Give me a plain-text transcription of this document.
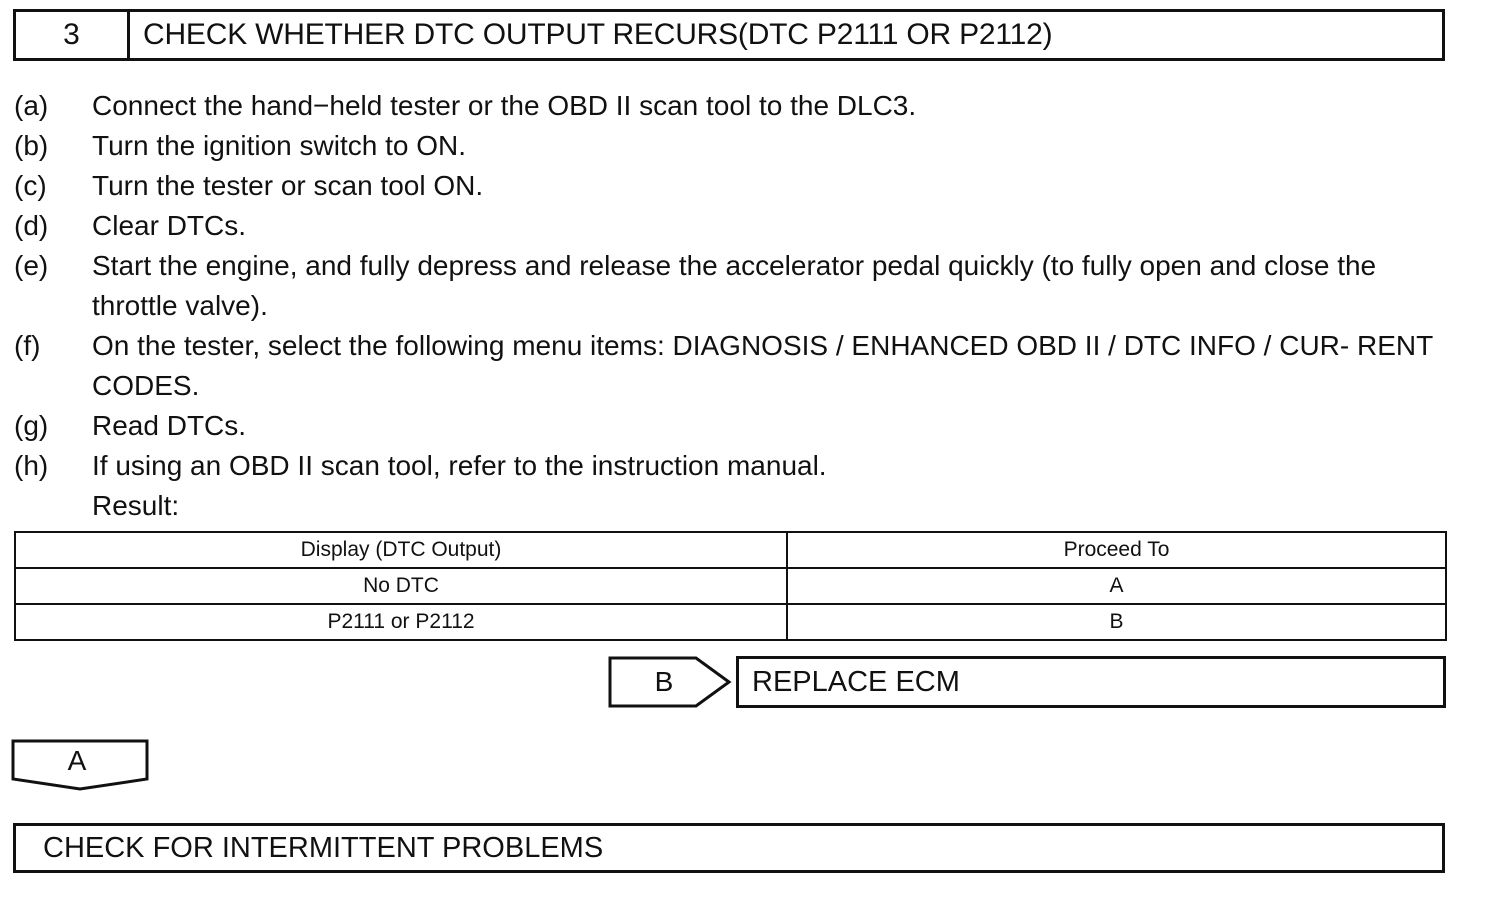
3	CHECK WHETHER DTC OUTPUT RECURS(DTC P2111 OR P2112)
(a)	Connect the hand−held tester or the OBD II scan tool to the DLC3.
(b)	Turn the ignition switch to ON.
(c)	Turn the tester or scan tool ON.
(d)	Clear DTCs.
(e)	Start the engine, and fully depress and release the accelerator pedal quickly (to fully open and close the throttle valve).
(f)	On the tester, select the following menu items: DIAGNOSIS / ENHANCED OBD II / DTC INFO / CUR- RENT CODES.
(g)	Read DTCs.
(h)	If using an OBD II scan tool, refer to the instruction manual.
Result:
Display (DTC Output)	Proceed To
No DTC	A
P2111 or P2112	B
B	REPLACE ECM
A
CHECK FOR INTERMITTENT PROBLEMS
